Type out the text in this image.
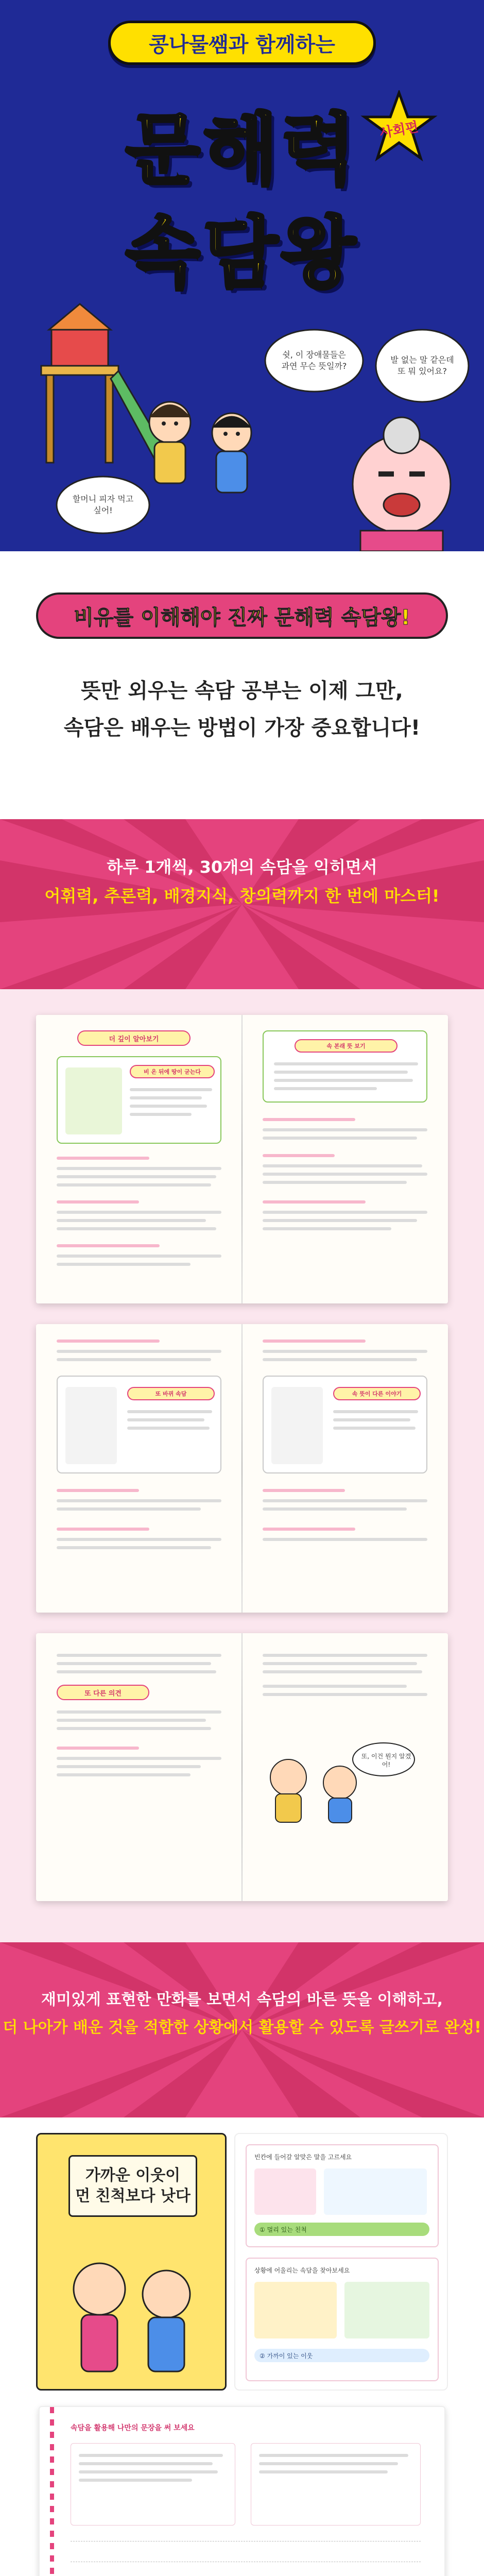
콩나물쌤과 함께하는
문해력
속담왕
사회편
쉿, 이 장애물들은 과연 무슨 뜻일까?
발 없는 말 같은데 또 뭐 있어요?
할머니 피자 먹고 싶어!
비유를 이해해야 진짜 문해력 속담왕!
뜻만 외우는 속담 공부는 이제 그만,
속담은 배우는 방법이 가장 중요합니다!
하루 1개씩, 30개의 속담을 익히면서
어휘력, 추론력, 배경지식, 창의력까지 한 번에 마스터!
더 깊이 알아보기
비 온 뒤에 땅이 굳는다
속 본래 뜻 보기
또 바뀌 속담	속 뜻이 다른 이야기
또 다른 의견
또, 이건 뭔지 알겠어!
재미있게 표현한 만화를 보면서 속담의 바른 뜻을 이해하고,
더 나아가 배운 것을 적합한 상황에서 활용할 수 있도록 글쓰기로 완성!
가까운 이웃이
먼 친척보다 낫다
빈칸에 들어갈 알맞은 말을 고르세요
① 멀리 있는 친척
상황에 어울리는 속담을 찾아보세요
② 가까이 있는 이웃
속담을 활용해 나만의 문장을 써 보세요
